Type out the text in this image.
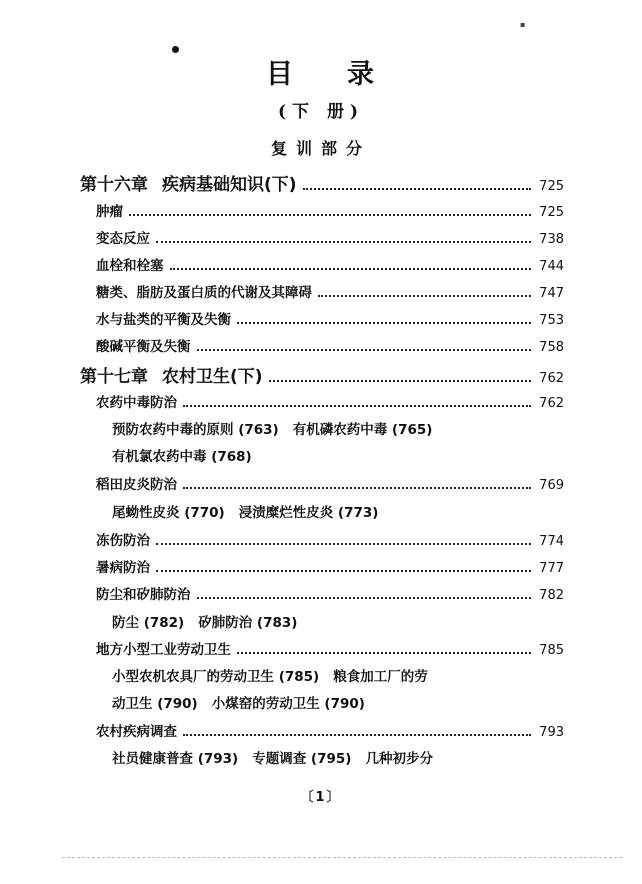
▪
目 录
(下 册)
复训部分
第十六章 疾病基础知识(下)	725
肿瘤	725
变态反应	738
血栓和栓塞	744
糖类、脂肪及蛋白质的代谢及其障碍	747
水与盐类的平衡及失衡	753
酸碱平衡及失衡	758
第十七章 农村卫生(下)	762
农药中毒防治	762
预防农药中毒的原则 (763) 有机磷农药中毒 (765)
有机氯农药中毒 (768)
稻田皮炎防治	769
尾蚴性皮炎 (770) 浸渍糜烂性皮炎 (773)
冻伤防治	774
暑病防治	777
防尘和矽肺防治	782
防尘 (782) 矽肺防治 (783)
地方小型工业劳动卫生	785
小型农机农具厂的劳动卫生 (785) 粮食加工厂的劳
动卫生 (790) 小煤窑的劳动卫生 (790)
农村疾病调查	793
社员健康普查 (793) 专题调查 (795) 几种初步分
〔1〕
